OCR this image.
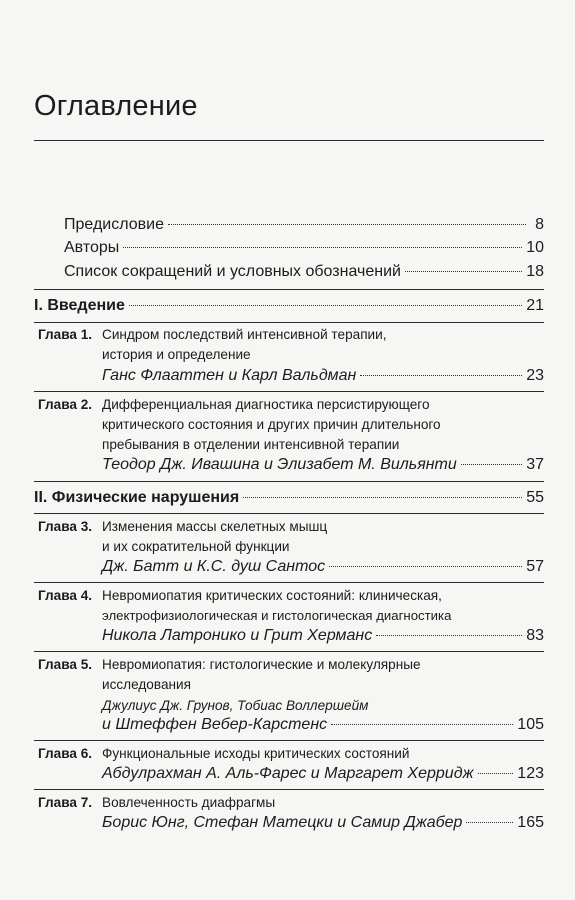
Оглавление
Предисловие	8
Авторы	10
Список сокращений и условных обозначений	18
I. Введение	21
Глава 1. Синдром последствий интенсивной терапии,
история и определение
Ганс Флааттен и Карл Вальдман	23
Глава 2. Дифференциальная диагностика персистирующего
критического состояния и других причин длительного
пребывания в отделении интенсивной терапии
Теодор Дж. Ивашина и Элизабет М. Вильянти	37
II. Физические нарушения	55
Глава 3. Изменения массы скелетных мышц
и их сократительной функции
Дж. Батт и К.С. душ Сантос	57
Глава 4. Невромиопатия критических состояний: клиническая,
электрофизиологическая и гистологическая диагностика
Никола Латронико и Грит Херманс	83
Глава 5. Невромиопатия: гистологические и молекулярные
исследования
Джулиус Дж. Грунов, Тобиас Воллершейм
и Штеффен Вебер-Карстенс	105
Глава 6. Функциональные исходы критических состояний
Абдулрахман А. Аль-Фарес и Маргарет Херридж	123
Глава 7. Вовлеченность диафрагмы
Борис Юнг, Стефан Матецки и Самир Джабер	165
